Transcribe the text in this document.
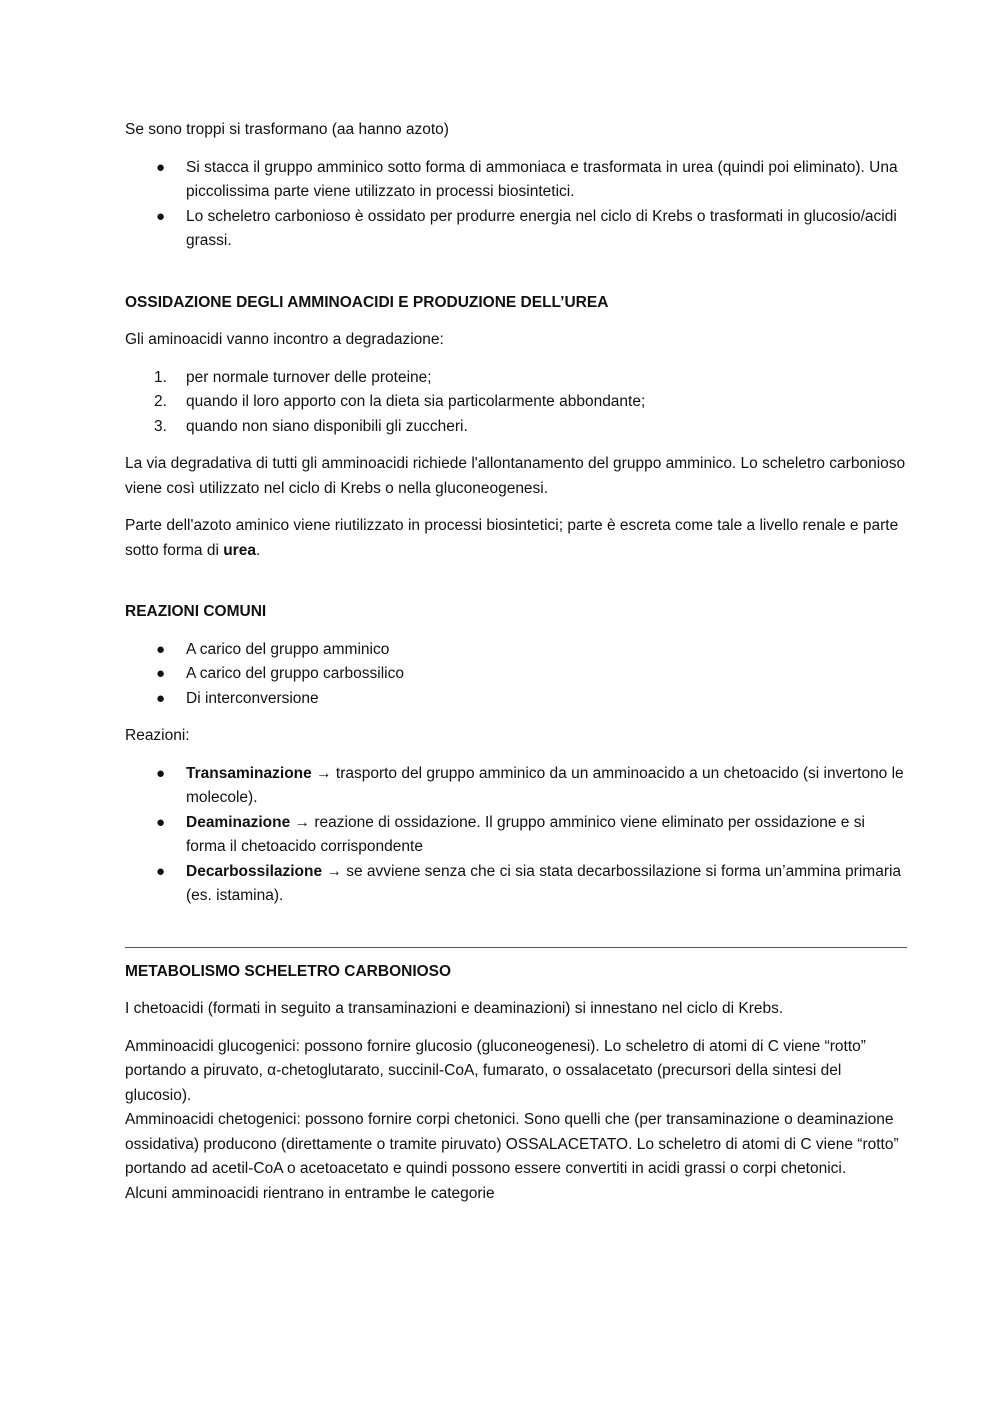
Se sono troppi si trasformano (aa hanno azoto)

● Si stacca il gruppo amminico sotto forma di ammoniaca e trasformata in urea (quindi poi eliminato). Una piccolissima parte viene utilizzato in processi biosintetici.
● Lo scheletro carbonioso è ossidato per produrre energia nel ciclo di Krebs o trasformati in glucosio/acidi grassi.

OSSIDAZIONE DEGLI AMMINOACIDI E PRODUZIONE DELL’UREA

Gli aminoacidi vanno incontro a degradazione:

1. per normale turnover delle proteine;
2. quando il loro apporto con la dieta sia particolarmente abbondante;
3. quando non siano disponibili gli zuccheri.

La via degradativa di tutti gli amminoacidi richiede l'allontanamento del gruppo amminico. Lo scheletro carbonioso viene così utilizzato nel ciclo di Krebs o nella gluconeogenesi.

Parte dell'azoto aminico viene riutilizzato in processi biosintetici; parte è escreta come tale a livello renale e parte sotto forma di urea.

REAZIONI COMUNI

● A carico del gruppo amminico
● A carico del gruppo carbossilico
● Di interconversione

Reazioni:

● Transaminazione → trasporto del gruppo amminico da un amminoacido a un chetoacido (si invertono le molecole).
● Deaminazione → reazione di ossidazione. Il gruppo amminico viene eliminato per ossidazione e si forma il chetoacido corrispondente
● Decarbossilazione → se avviene senza che ci sia stata decarbossilazione si forma un’ammina primaria (es. istamina).

METABOLISMO SCHELETRO CARBONIOSO

I chetoacidi (formati in seguito a transaminazioni e deaminazioni) si innestano nel ciclo di Krebs.

Amminoacidi glucogenici: possono fornire glucosio (gluconeogenesi). Lo scheletro di atomi di C viene “rotto” portando a piruvato, α-chetoglutarato, succinil-CoA, fumarato, o ossalacetato (precursori della sintesi del glucosio).

Amminoacidi chetogenici: possono fornire corpi chetonici. Sono quelli che (per transaminazione o deaminazione ossidativa) producono (direttamente o tramite piruvato) OSSALACETATO. Lo scheletro di atomi di C viene “rotto” portando ad acetil-CoA o acetoacetato e quindi possono essere convertiti in acidi grassi o corpi chetonici.

Alcuni amminoacidi rientrano in entrambe le categorie
